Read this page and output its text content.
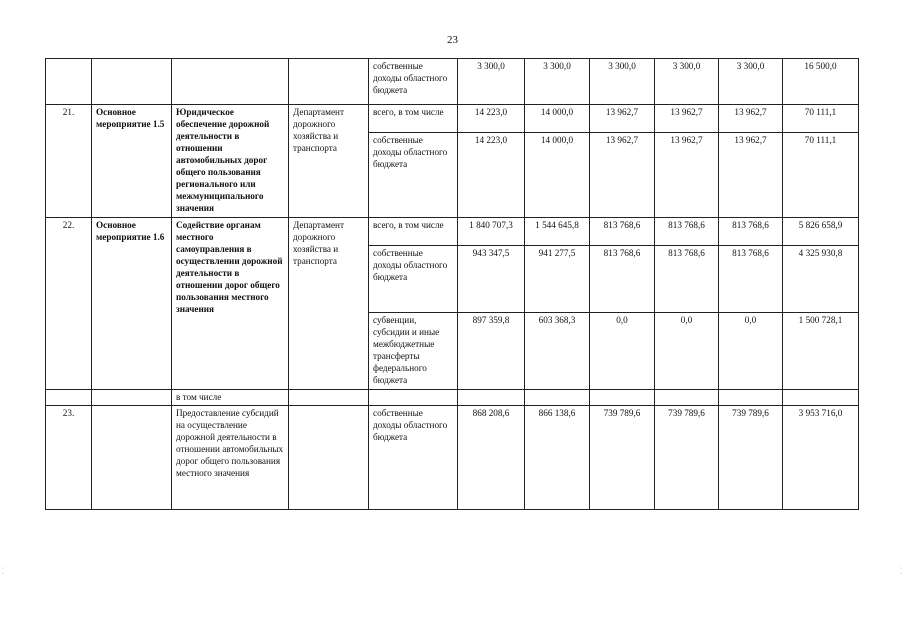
23
				собственные доходы областного бюджета	3 300,0	3 300,0	3 300,0	3 300,0	3 300,0	16 500,0
21.	Основное мероприятие 1.5	Юридическое обеспечение дорожной деятельности в отношении автомобильных дорог общего пользования регионального или межмуниципального значения	Департамент дорожного хозяйства и транспорта	всего, в том числе	14 223,0	14 000,0	13 962,7	13 962,7	13 962,7	70 111,1
				собственные доходы областного бюджета	14 223,0	14 000,0	13 962,7	13 962,7	13 962,7	70 111,1
22.	Основное мероприятие 1.6	Содействие органам местного самоуправления в осуществлении дорожной деятельности в отношении дорог общего пользования местного значения	Департамент дорожного хозяйства и транспорта	всего, в том числе	1 840 707,3	1 544 645,8	813 768,6	813 768,6	813 768,6	5 826 658,9
				собственные доходы областного бюджета	943 347,5	941 277,5	813 768,6	813 768,6	813 768,6	4 325 930,8
				субвенции, субсидии и иные межбюджетные трансферты федерального бюджета	897 359,8	603 368,3	0,0	0,0	0,0	1 500 728,1
		в том числе								
23.		Предоставление субсидий на осуществление дорожной деятельности в отношении автомобильных дорог общего пользования местного значения		собственные доходы областного бюджета	868 208,6	866 138,6	739 789,6	739 789,6	739 789,6	3 953 716,0
:
-
:
-
